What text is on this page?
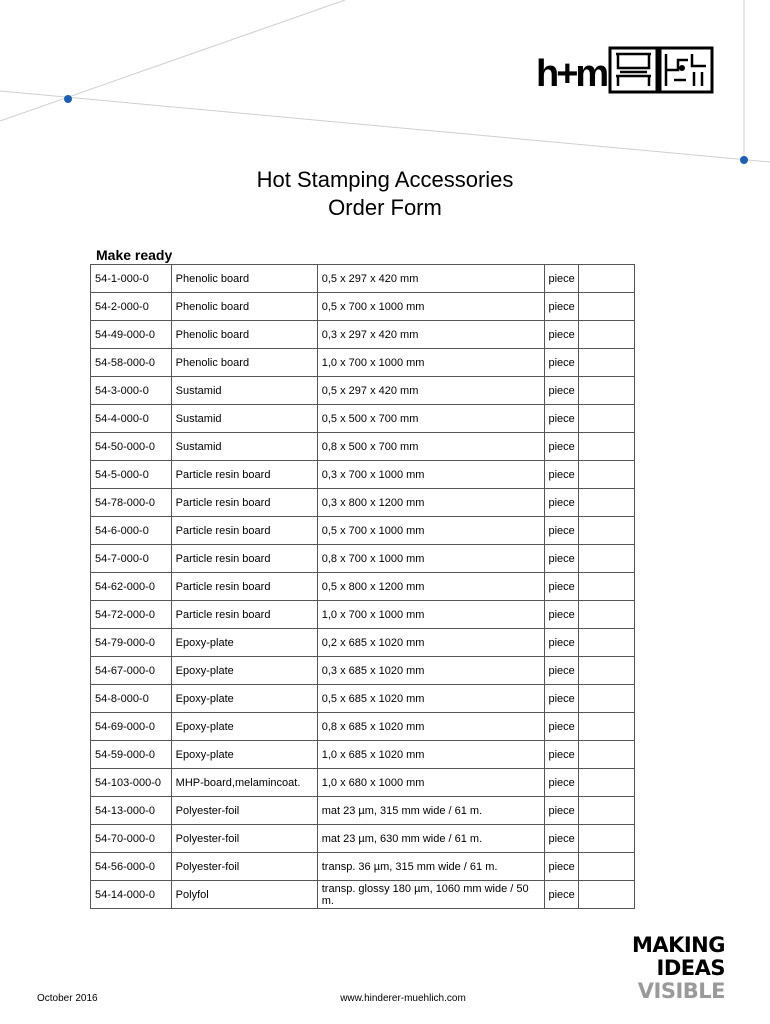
h+m
Hot Stamping Accessories
Order Form
Make ready
54-1-000-0	Phenolic board	0,5 x 297 x 420 mm	piece	
54-2-000-0	Phenolic board	0,5 x 700 x 1000 mm	piece	
54-49-000-0	Phenolic board	0,3 x 297 x 420 mm	piece	
54-58-000-0	Phenolic board	1,0 x 700 x 1000 mm	piece	
54-3-000-0	Sustamid	0,5 x 297 x 420 mm	piece	
54-4-000-0	Sustamid	0,5 x 500 x 700 mm	piece	
54-50-000-0	Sustamid	0,8 x 500 x 700 mm	piece	
54-5-000-0	Particle resin board	0,3 x 700 x 1000 mm	piece	
54-78-000-0	Particle resin board	0,3 x 800 x 1200 mm	piece	
54-6-000-0	Particle resin board	0,5 x 700 x 1000 mm	piece	
54-7-000-0	Particle resin board	0,8 x 700 x 1000 mm	piece	
54-62-000-0	Particle resin board	0,5 x 800 x 1200 mm	piece	
54-72-000-0	Particle resin board	1,0 x 700 x 1000 mm	piece	
54-79-000-0	Epoxy-plate	0,2 x 685 x 1020 mm	piece	
54-67-000-0	Epoxy-plate	0,3 x 685 x 1020 mm	piece	
54-8-000-0	Epoxy-plate	0,5 x 685 x 1020 mm	piece	
54-69-000-0	Epoxy-plate	0,8 x 685 x 1020 mm	piece	
54-59-000-0	Epoxy-plate	1,0 x 685 x 1020 mm	piece	
54-103-000-0	MHP-board,melamincoat.	1,0 x 680 x 1000 mm	piece	
54-13-000-0	Polyester-foil	mat 23 µm, 315 mm wide / 61 m.	piece	
54-70-000-0	Polyester-foil	mat 23 µm, 630 mm wide / 61 m.	piece	
54-56-000-0	Polyester-foil	transp. 36 µm, 315 mm wide / 61 m.	piece	
54-14-000-0	Polyfol	transp. glossy 180 µm, 1060 mm wide / 50 m.	piece	
October 2016	www.hinderer-muehlich.com
MAKING
IDEAS
VISIBLE
